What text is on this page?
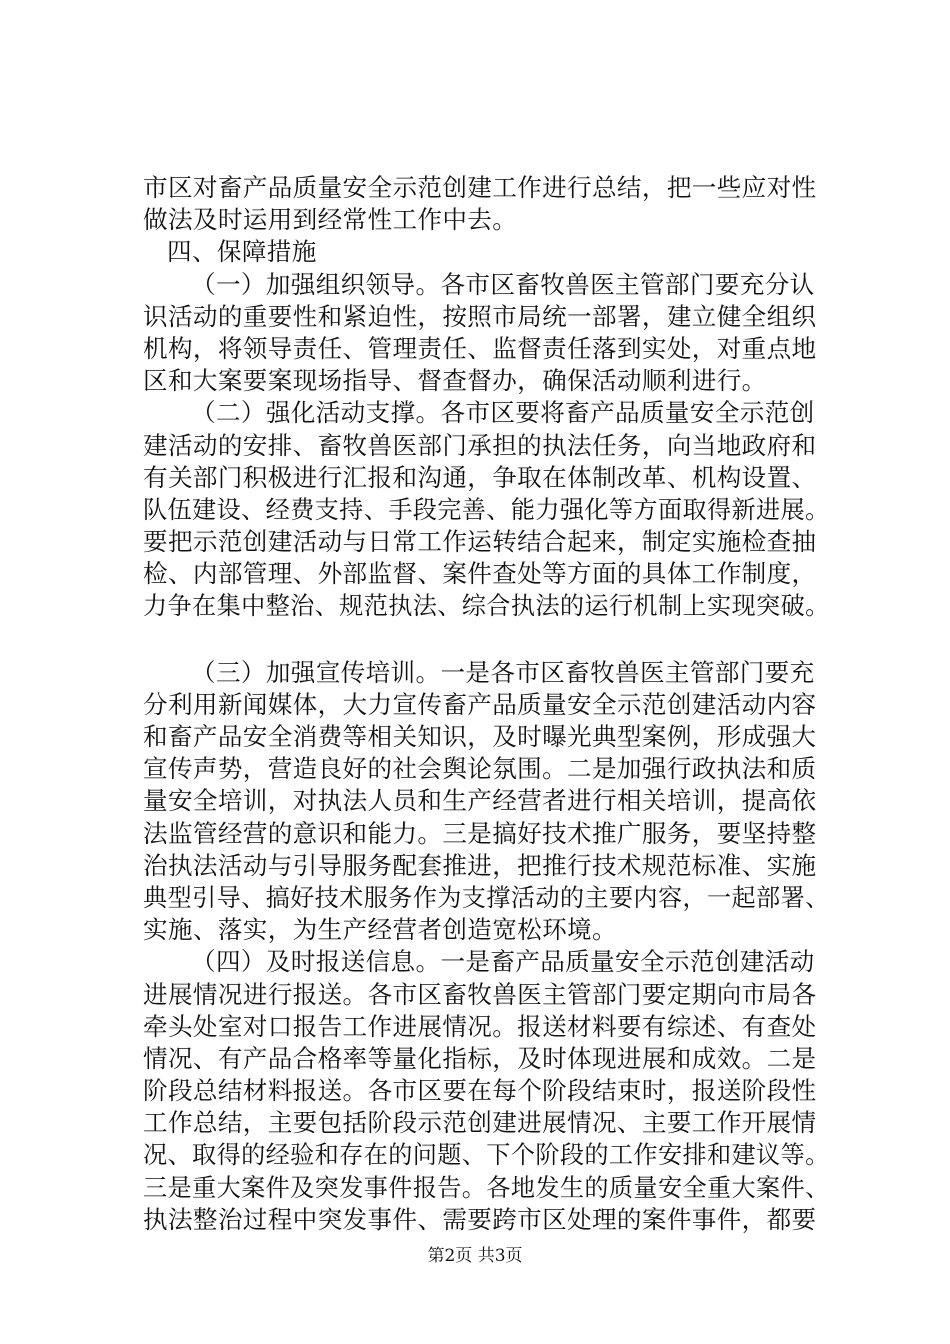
市区对畜产品质量安全示范创建工作进行总结，把一些应对性
做法及时运用到经常性工作中去。
四、保障措施
（一）加强组织领导。各市区畜牧兽医主管部门要充分认
识活动的重要性和紧迫性，按照市局统一部署，建立健全组织
机构，将领导责任、管理责任、监督责任落到实处，对重点地
区和大案要案现场指导、督查督办，确保活动顺利进行。
（二）强化活动支撑。各市区要将畜产品质量安全示范创
建活动的安排、畜牧兽医部门承担的执法任务，向当地政府和
有关部门积极进行汇报和沟通，争取在体制改革、机构设置、
队伍建设、经费支持、手段完善、能力强化等方面取得新进展。
要把示范创建活动与日常工作运转结合起来，制定实施检查抽
检、内部管理、外部监督、案件查处等方面的具体工作制度，
力争在集中整治、规范执法、综合执法的运行机制上实现突破。
（三）加强宣传培训。一是各市区畜牧兽医主管部门要充
分利用新闻媒体，大力宣传畜产品质量安全示范创建活动内容
和畜产品安全消费等相关知识，及时曝光典型案例，形成强大
宣传声势，营造良好的社会舆论氛围。二是加强行政执法和质
量安全培训，对执法人员和生产经营者进行相关培训，提高依
法监管经营的意识和能力。三是搞好技术推广服务，要坚持整
治执法活动与引导服务配套推进，把推行技术规范标准、实施
典型引导、搞好技术服务作为支撑活动的主要内容，一起部署、
实施、落实，为生产经营者创造宽松环境。
（四）及时报送信息。一是畜产品质量安全示范创建活动
进展情况进行报送。各市区畜牧兽医主管部门要定期向市局各
牵头处室对口报告工作进展情况。报送材料要有综述、有查处
情况、有产品合格率等量化指标，及时体现进展和成效。二是
阶段总结材料报送。各市区要在每个阶段结束时，报送阶段性
工作总结，主要包括阶段示范创建进展情况、主要工作开展情
况、取得的经验和存在的问题、下个阶段的工作安排和建议等。
三是重大案件及突发事件报告。各地发生的质量安全重大案件、
执法整治过程中突发事件、需要跨市区处理的案件事件，都要
第2页 共3页
